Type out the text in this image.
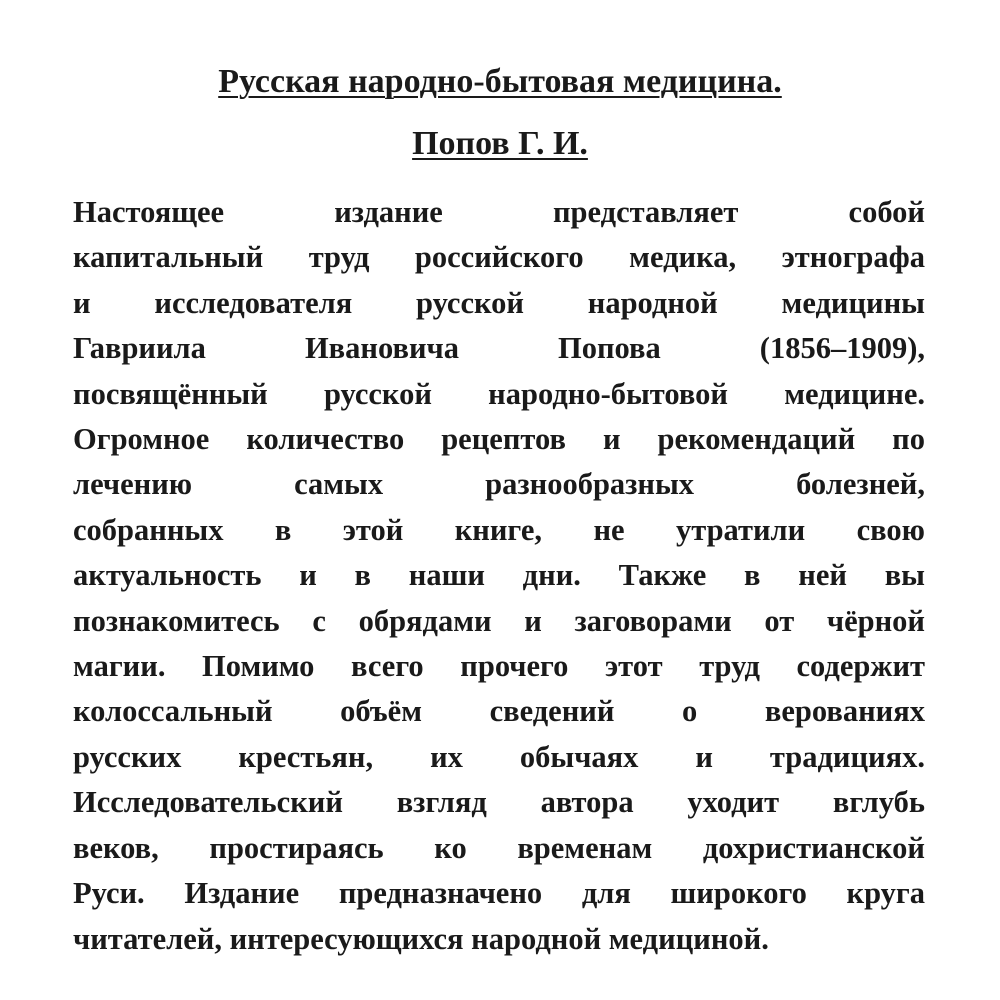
Русская народно-бытовая медицина.
Попов Г. И.
Настоящее издание представляет собой
капитальный труд российского медика, этнографа
и исследователя русской народной медицины
Гавриила Ивановича Попова (1856–1909),
посвящённый русской народно-бытовой медицине.
Огромное количество рецептов и рекомендаций по
лечению самых разнообразных болезней,
собранных в этой книге, не утратили свою
актуальность и в наши дни. Также в ней вы
познакомитесь с обрядами и заговорами от чёрной
магии. Помимо всего прочего этот труд содержит
колоссальный объём сведений о верованиях
русских крестьян, их обычаях и традициях.
Исследовательский взгляд автора уходит вглубь
веков, простираясь ко временам дохристианской
Руси. Издание предназначено для широкого круга
читателей, интересующихся народной медициной.
